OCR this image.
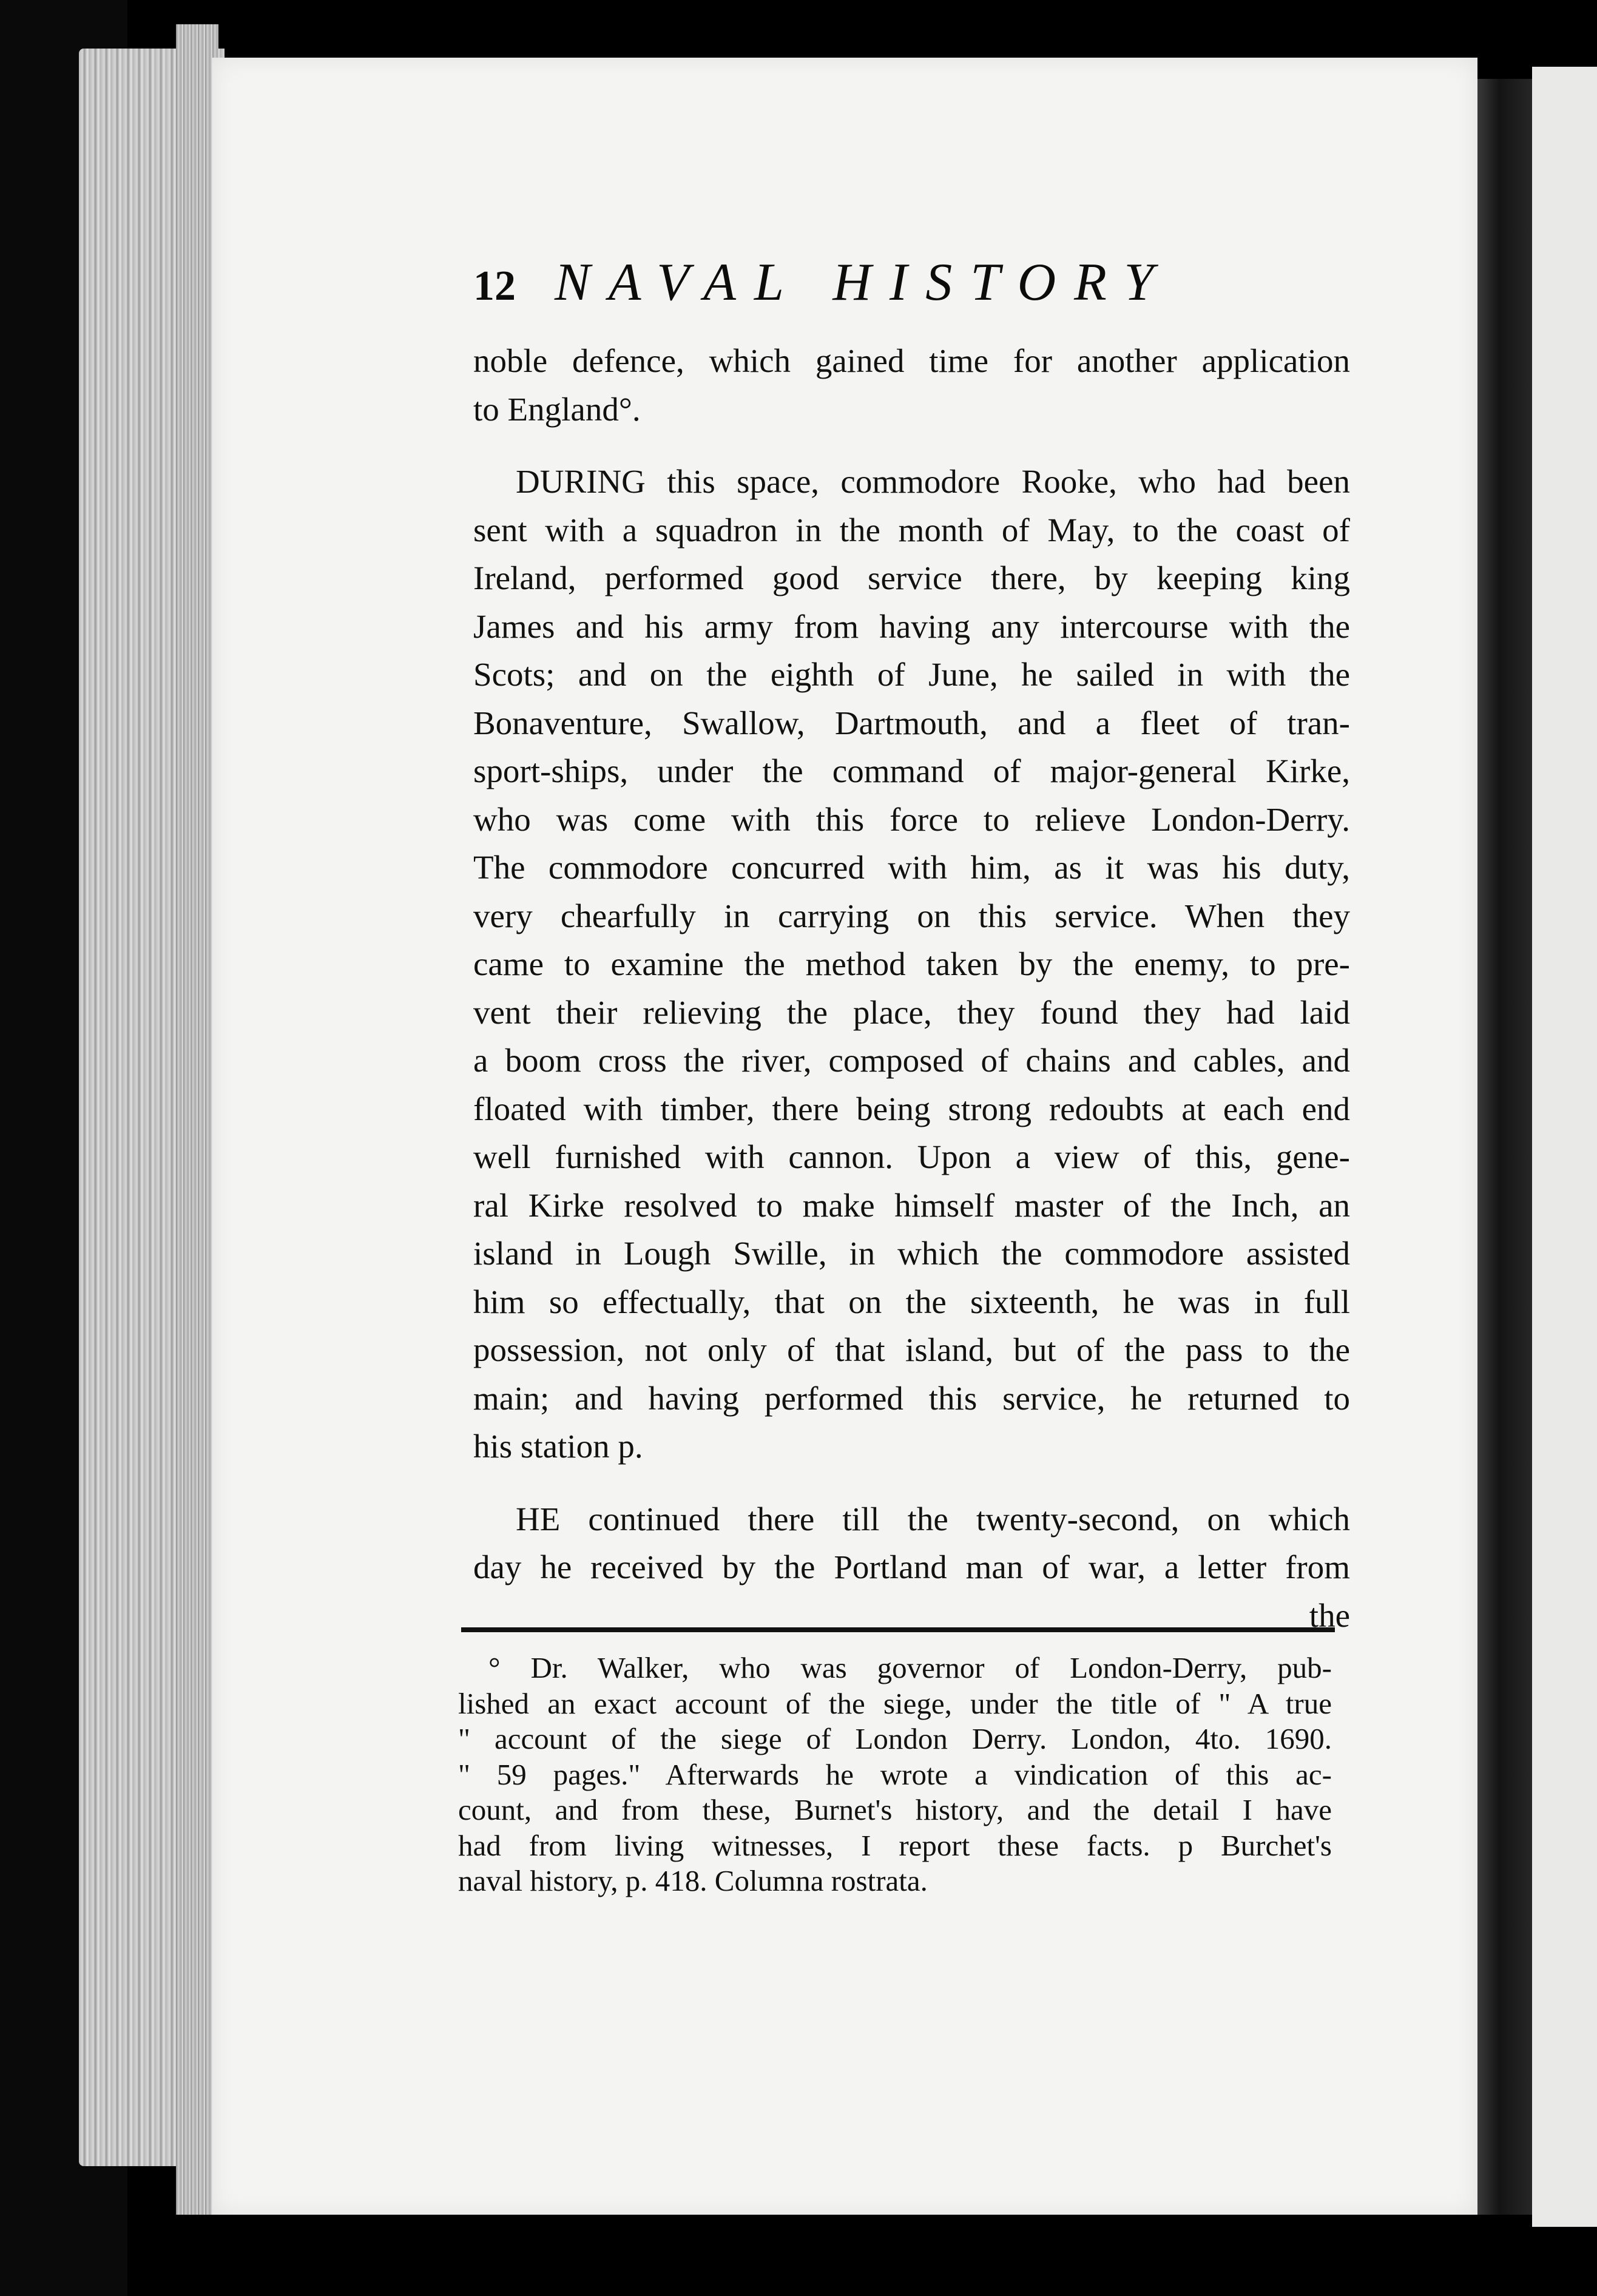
12 NAVAL HISTORY
noble defence, which gained time for another application
to England°.
DURING this space, commodore Rooke, who had been
sent with a squadron in the month of May, to the coast of
Ireland, performed good service there, by keeping king
James and his army from having any intercourse with the
Scots; and on the eighth of June, he sailed in with the
Bonaventure, Swallow, Dartmouth, and a fleet of tran-
sport-ships, under the command of major-general Kirke,
who was come with this force to relieve London-Derry.
The commodore concurred with him, as it was his duty,
very chearfully in carrying on this service. When they
came to examine the method taken by the enemy, to pre-
vent their relieving the place, they found they had laid
a boom cross the river, composed of chains and cables, and
floated with timber, there being strong redoubts at each end
well furnished with cannon. Upon a view of this, gene-
ral Kirke resolved to make himself master of the Inch, an
island in Lough Swille, in which the commodore assisted
him so effectually, that on the sixteenth, he was in full
possession, not only of that island, but of the pass to the
main; and having performed this service, he returned to
his station p.
HE continued there till the twenty-second, on which
day he received by the Portland man of war, a letter from
the
° Dr. Walker, who was governor of London-Derry, pub-
lished an exact account of the siege, under the title of " A true
" account of the siege of London Derry. London, 4to. 1690.
" 59 pages." Afterwards he wrote a vindication of this ac-
count, and from these, Burnet's history, and the detail I have
had from living witnesses, I report these facts. p Burchet's
naval history, p. 418. Columna rostrata.
